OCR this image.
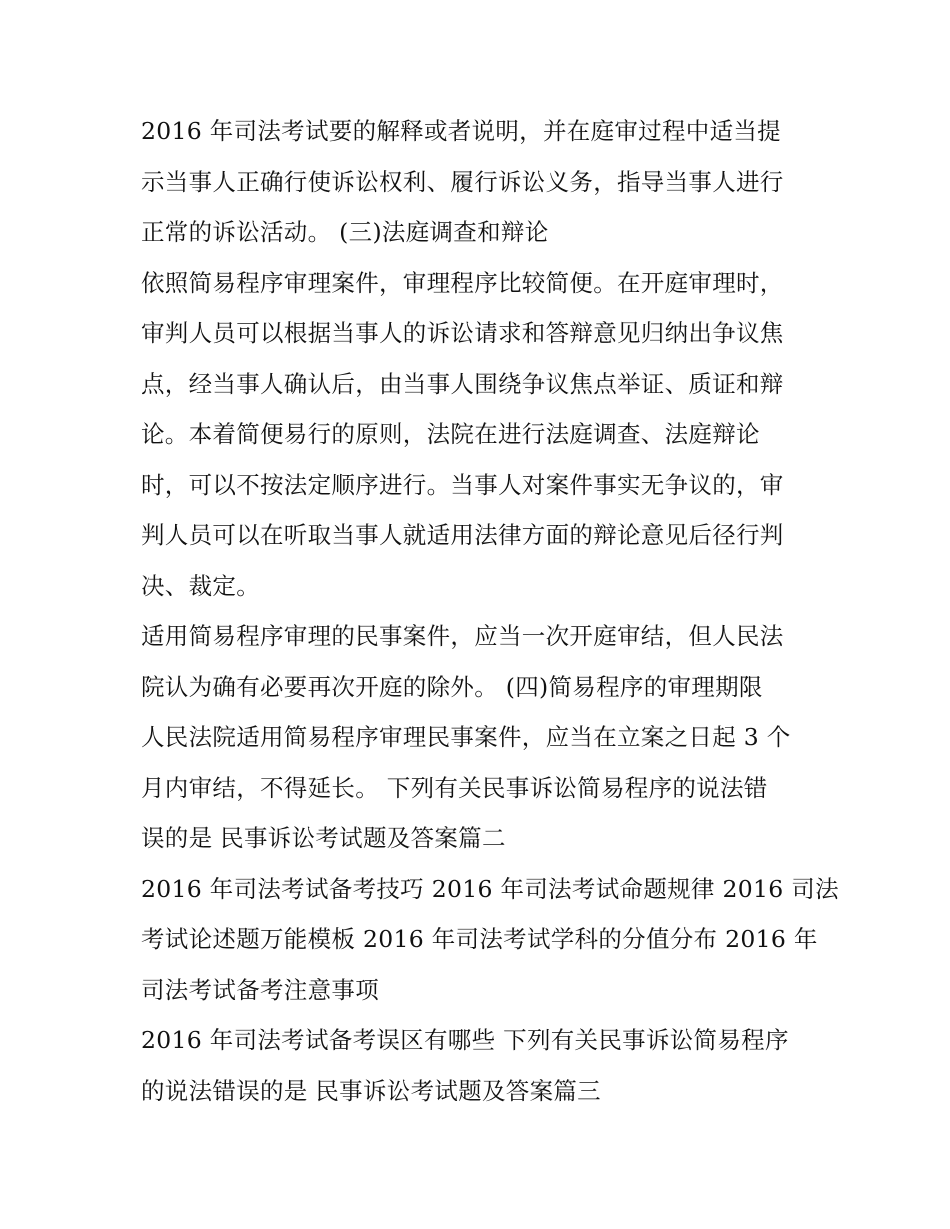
2016 年司法考试要的解释或者说明，并在庭审过程中适当提
示当事人正确行使诉讼权利、履行诉讼义务，指导当事人进行
正常的诉讼活动。 (三)法庭调查和辩论
依照简易程序审理案件，审理程序比较简便。在开庭审理时，
审判人员可以根据当事人的诉讼请求和答辩意见归纳出争议焦
点，经当事人确认后，由当事人围绕争议焦点举证、质证和辩
论。本着简便易行的原则，法院在进行法庭调查、法庭辩论
时，可以不按法定顺序进行。当事人对案件事实无争议的，审
判人员可以在听取当事人就适用法律方面的辩论意见后径行判
决、裁定。
适用简易程序审理的民事案件，应当一次开庭审结，但人民法
院认为确有必要再次开庭的除外。 (四)简易程序的审理期限
人民法院适用简易程序审理民事案件，应当在立案之日起 3 个
月内审结，不得延长。 下列有关民事诉讼简易程序的说法错
误的是 民事诉讼考试题及答案篇二
2016 年司法考试备考技巧 2016 年司法考试命题规律 2016 司法
考试论述题万能模板 2016 年司法考试学科的分值分布 2016 年
司法考试备考注意事项
2016 年司法考试备考误区有哪些 下列有关民事诉讼简易程序
的说法错误的是 民事诉讼考试题及答案篇三
